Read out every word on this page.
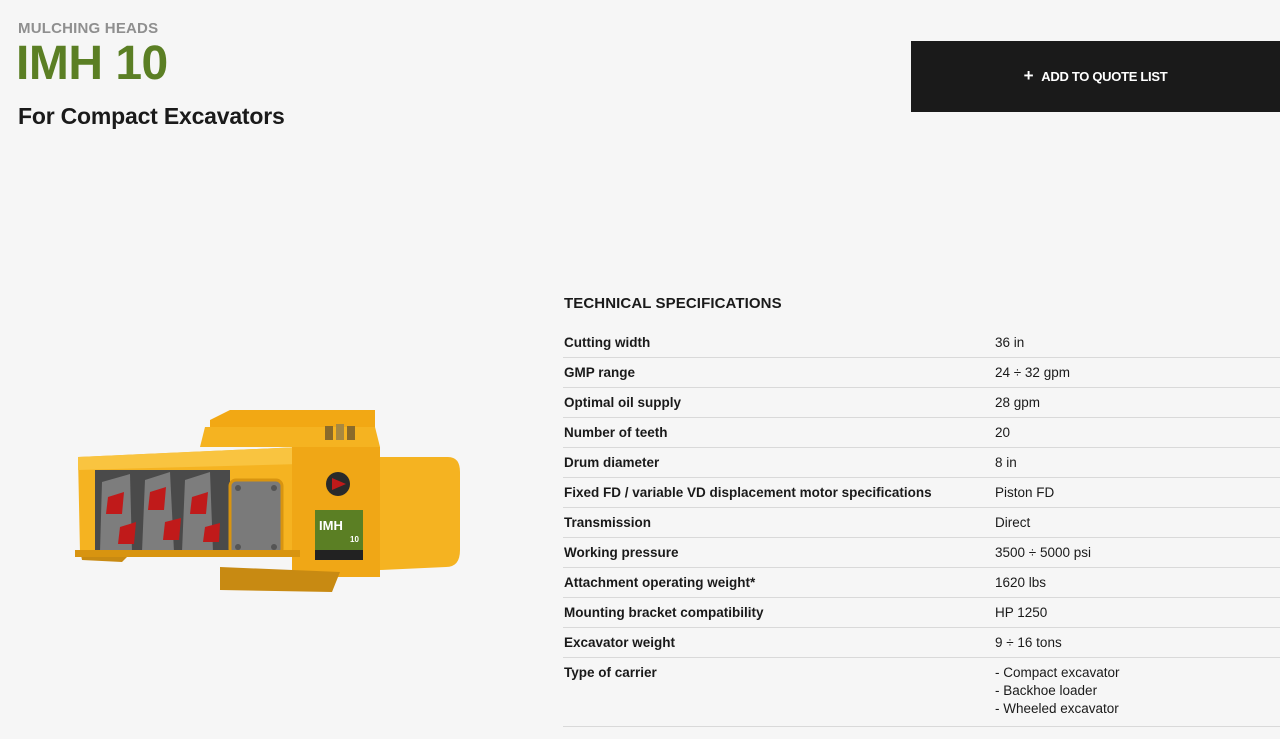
MULCHING HEADS
IMH 10
For Compact Excavators
+ ADD TO QUOTE LIST
IMH
10
TECHNICAL SPECIFICATIONS
Cutting width	36 in
GMP range	24 ÷ 32 gpm
Optimal oil supply	28 gpm
Number of teeth	20
Drum diameter	8 in
Fixed FD / variable VD displacement motor specifications	Piston FD
Transmission	Direct
Working pressure	3500 ÷ 5000 psi
Attachment operating weight*	1620 lbs
Mounting bracket compatibility	HP 1250
Excavator weight	9 ÷ 16 tons
Type of carrier	- Compact excavator
- Backhoe loader
- Wheeled excavator
